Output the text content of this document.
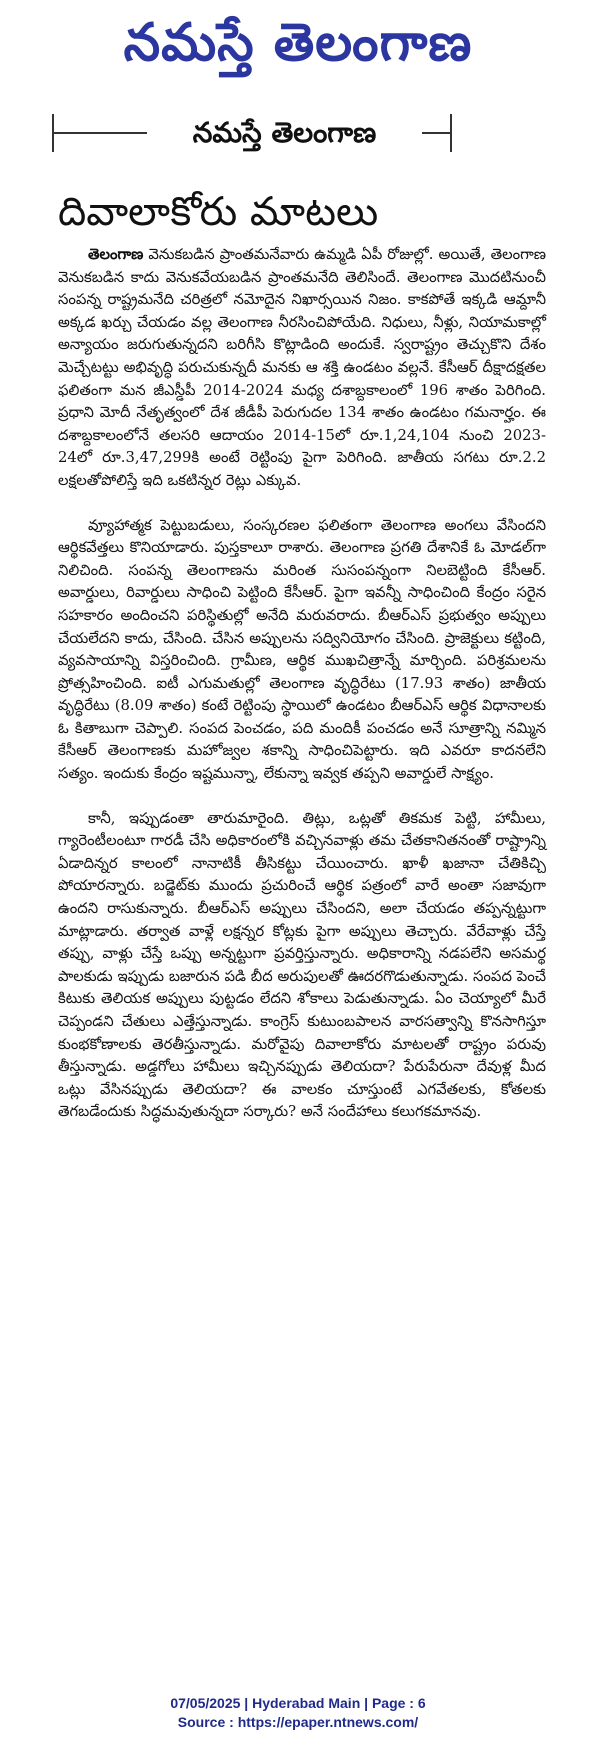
నమస్తే తెలంగాణ
నమస్తే తెలంగాణ
దివాలాకోరు మాటలు

తెలంగాణ వెనుకబడిన ప్రాంతమనేవారు ఉమ్మడి ఏపీ రోజుల్లో. అయితే, తెలంగాణ వెనుకబడిన కాదు వెనుకవేయబడిన ప్రాంతమనేది తెలిసిందే. తెలంగాణ మొదటినుంచీ సంపన్న రాష్ట్రమనేది చరిత్రలో నమోదైన నిఖార్సయిన నిజం. కాకపోతే ఇక్కడి ఆమ్దానీ అక్కడ ఖర్చు చేయడం వల్ల తెలంగాణ నీరసించిపోయేది. నిధులు, నీళ్లు, నియామకాల్లో అన్యాయం జరుగుతున్నదని బరిగీసి కొట్లాడింది అందుకే. స్వరాష్ట్రం తెచ్చుకొని దేశం మెచ్చేటట్టు అభివృద్ధి పరుచుకున్నదీ మనకు ఆ శక్తి ఉండటం వల్లనే. కేసీఆర్ దీక్షాదక్షతల ఫలితంగా మన జీఎస్డీపీ 2014-2024 మధ్య దశాబ్దకాలంలో 196 శాతం పెరిగింది. ప్రధాని మోదీ నేతృత్వంలో దేశ జీడీపీ పెరుగుదల 134 శాతం ఉండటం గమనార్హం. ఈ దశాబ్దకాలంలోనే తలసరి ఆదాయం 2014-15లో రూ.1,24,104 నుంచి 2023-24లో రూ.3,47,299కి అంటే రెట్టింపు పైగా పెరిగింది. జాతీయ సగటు రూ.2.2 లక్షలతోపోలిస్తే ఇది ఒకటిన్నర రెట్లు ఎక్కువ.

వ్యూహాత్మక పెట్టుబడులు, సంస్కరణల ఫలితంగా తెలంగాణ అంగలు వేసిందని ఆర్థికవేత్తలు కొనియాడారు. పుస్తకాలూ రాశారు. తెలంగాణ ప్రగతి దేశానికే ఓ మోడల్‌గా నిలిచింది. సంపన్న తెలంగాణను మరింత సుసంపన్నంగా నిలబెట్టింది కేసీఆర్. అవార్డులు, రివార్డులు సాధించి పెట్టింది కేసీఆర్. పైగా ఇవన్నీ సాధించింది కేంద్రం సరైన సహకారం అందించని పరిస్థితుల్లో అనేది మరువరాదు. బీఆర్ఎస్ ప్రభుత్వం అప్పులు చేయలేదని కాదు, చేసింది. చేసిన అప్పులను సద్వినియోగం చేసింది. ప్రాజెక్టులు కట్టింది, వ్యవసాయాన్ని విస్తరించింది. గ్రామీణ, ఆర్థిక ముఖచిత్రాన్నే మార్చింది. పరిశ్రమలను ప్రోత్సహించింది. ఐటీ ఎగుమతుల్లో తెలంగాణ వృద్ధిరేటు (17.93 శాతం) జాతీయ వృద్ధిరేటు (8.09 శాతం) కంటే రెట్టింపు స్థాయిలో ఉండటం బీఆర్ఎస్ ఆర్థిక విధానాలకు ఓ కితాబుగా చెప్పాలి. సంపద పెంచడం, పది మందికీ పంచడం అనే సూత్రాన్ని నమ్మిన కేసీఆర్ తెలంగాణకు మహోజ్వల శకాన్ని సాధించిపెట్టారు. ఇది ఎవరూ కాదనలేని సత్యం. ఇందుకు కేంద్రం ఇష్టమున్నా, లేకున్నా ఇవ్వక తప్పని అవార్డులే సాక్ష్యం.

కానీ, ఇప్పుడంతా తారుమారైంది. తిట్లు, ఒట్లతో తికమక పెట్టి, హామీలు, గ్యారెంటీలంటూ గారడీ చేసి అధికారంలోకి వచ్చినవాళ్లు తమ చేతకానితనంతో రాష్ట్రాన్ని ఏడాదిన్నర కాలంలో నానాటికీ తీసికట్టు చేయించారు. ఖాళీ ఖజానా చేతికిచ్చి పోయారన్నారు. బడ్జెట్‌కు ముందు ప్రచురించే ఆర్థిక పత్రంలో వారే అంతా సజావుగా ఉందని రాసుకున్నారు. బీఆర్ఎస్ అప్పులు చేసిందని, అలా చేయడం తప్పన్నట్టుగా మాట్లాడారు. తర్వాత వాళ్లే లక్షన్నర కోట్లకు పైగా అప్పులు తెచ్చారు. వేరేవాళ్లు చేస్తే తప్పు, వాళ్లు చేస్తే ఒప్పు అన్నట్టుగా ప్రవర్తిస్తున్నారు. అధికారాన్ని నడపలేని అసమర్థ పాలకుడు ఇప్పుడు బజారున పడి బీద అరుపులతో ఊదరగొడుతున్నాడు. సంపద పెంచే కిటుకు తెలియక అప్పులు పుట్టడం లేదని శోకాలు పెడుతున్నాడు. ఏం చెయ్యాలో మీరే చెప్పండని చేతులు ఎత్తేస్తున్నాడు. కాంగ్రెస్ కుటుంబపాలన వారసత్వాన్ని కొనసాగిస్తూ కుంభకోణాలకు తెరతీస్తున్నాడు. మరోవైపు దివాలాకోరు మాటలతో రాష్ట్రం పరువు తీస్తున్నాడు. అడ్డగోలు హామీలు ఇచ్చినప్పుడు తెలియదా? పేరుపేరునా దేవుళ్ల మీద ఒట్లు వేసినప్పుడు తెలియదా? ఈ వాలకం చూస్తుంటే ఎగవేతలకు, కోతలకు తెగబడేందుకు సిద్ధమవుతున్నదా సర్కారు? అనే సందేహాలు కలుగకమానవు.

07/05/2025 | Hyderabad Main | Page : 6
Source : https://epaper.ntnews.com/
